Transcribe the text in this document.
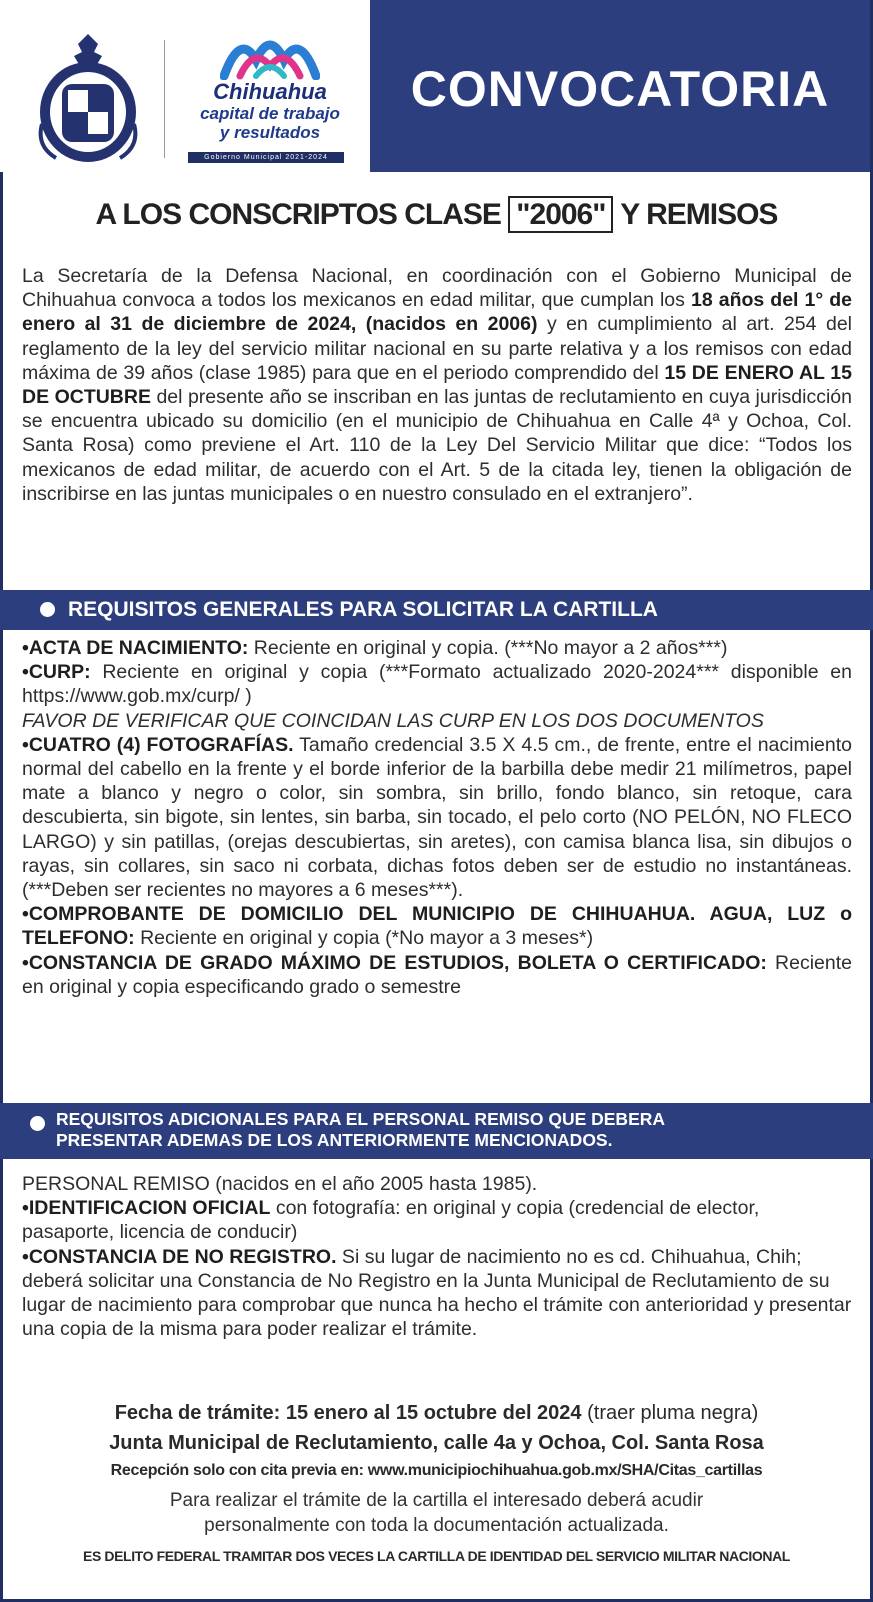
Chihuahua
capital de trabajo
y resultados
Gobierno Municipal 2021-2024
CONVOCATORIA
A LOS CONSCRIPTOS CLASE "2006" Y REMISOS
La Secretaría de la Defensa Nacional, en coordinación con el Gobierno Municipal de Chihuahua convoca a todos los mexicanos en edad militar, que cumplan los 18 años del 1° de enero al 31 de diciembre de 2024, (nacidos en 2006) y en cumplimiento al art. 254 del reglamento de la ley del servicio militar nacional en su parte relativa y a los remisos con edad máxima de 39 años (clase 1985) para que en el periodo comprendido del 15 DE ENERO AL 15 DE OCTUBRE del presente año se inscriban en las juntas de reclutamiento en cuya jurisdicción se encuentra ubicado su domicilio (en el municipio de Chihuahua en Calle 4ª y Ochoa, Col. Santa Rosa) como previene el Art. 110 de la Ley Del Servicio Militar que dice: “Todos los mexicanos de edad militar, de acuerdo con el Art. 5 de la citada ley, tienen la obligación de inscribirse en las juntas municipales o en nuestro consulado en el extranjero”.
REQUISITOS GENERALES PARA SOLICITAR LA CARTILLA
•ACTA DE NACIMIENTO: Reciente en original y copia. (***No mayor a 2 años***)
•CURP: Reciente en original y copia (***Formato actualizado 2020-2024*** disponible en https://www.gob.mx/curp/ )
FAVOR DE VERIFICAR QUE COINCIDAN LAS CURP EN LOS DOS DOCUMENTOS
•CUATRO (4) FOTOGRAFÍAS. Tamaño credencial 3.5 X 4.5 cm., de frente, entre el nacimiento normal del cabello en la frente y el borde inferior de la barbilla debe medir 21 milímetros, papel mate a blanco y negro o color, sin sombra, sin brillo, fondo blanco, sin retoque, cara descubierta, sin bigote, sin lentes, sin barba, sin tocado, el pelo corto (NO PELÓN, NO FLECO LARGO) y sin patillas, (orejas descubiertas, sin aretes), con camisa blanca lisa, sin dibujos o rayas, sin collares, sin saco ni corbata, dichas fotos deben ser de estudio no instantáneas. (***Deben ser recientes no mayores a 6 meses***).
•COMPROBANTE DE DOMICILIO DEL MUNICIPIO DE CHIHUAHUA. AGUA, LUZ o TELEFONO: Reciente en original y copia (*No mayor a 3 meses*)
•CONSTANCIA DE GRADO MÁXIMO DE ESTUDIOS, BOLETA O CERTIFICADO: Reciente en original y copia especificando grado o semestre
REQUISITOS ADICIONALES PARA EL PERSONAL REMISO QUE DEBERA
PRESENTAR ADEMAS DE LOS ANTERIORMENTE MENCIONADOS.
PERSONAL REMISO (nacidos en el año 2005 hasta 1985).
•IDENTIFICACION OFICIAL con fotografía: en original y copia (credencial de elector, pasaporte, licencia de conducir)
•CONSTANCIA DE NO REGISTRO. Si su lugar de nacimiento no es cd. Chihuahua, Chih; deberá solicitar una Constancia de No Registro en la Junta Municipal de Reclutamiento de su lugar de nacimiento para comprobar que nunca ha hecho el trámite con anterioridad y presentar una copia de la misma para poder realizar el trámite.
Fecha de trámite: 15 enero al 15 octubre del 2024 (traer pluma negra)
Junta Municipal de Reclutamiento, calle 4a y Ochoa, Col. Santa Rosa
Recepción solo con cita previa en: www.municipiochihuahua.gob.mx/SHA/Citas_cartillas
Para realizar el trámite de la cartilla el interesado deberá acudir
personalmente con toda la documentación actualizada.
ES DELITO FEDERAL TRAMITAR DOS VECES LA CARTILLA DE IDENTIDAD DEL SERVICIO MILITAR NACIONAL
